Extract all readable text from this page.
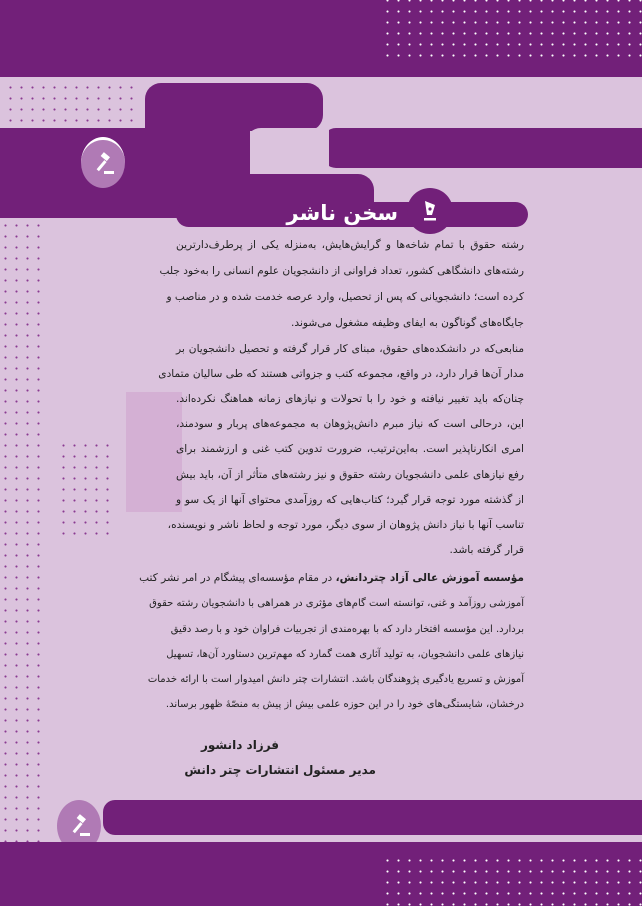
سخن ناشر
رشته حقوق با تمام شاخه‌ها و گرایش‌هایش، به‌منزله یکی از پرطرف‌دارترین
رشته‌های دانشگاهی کشور، تعداد فراوانی از دانشجویان علوم انسانی را به‌خود جلب
کرده است؛ دانشجویانی که پس از تحصیل، وارد عرصه خدمت شده و در مناصب و
جایگاه‌های گوناگون به ایفای وظیفه مشغول می‌شوند.
منابعی‌که در دانشکده‌های حقوق، مبنای کار قرار گرفته و تحصیل دانشجویان بر
مدار آن‌ها قرار دارد، در واقع، مجموعه کتب و جزواتی هستند که طی سالیان متمادی
چنان‌که باید تغییر نیافته و خود را با تحولات و نیازهای زمانه هماهنگ نکرده‌اند.
این، درحالی است که نیاز مبرم دانش‌پژوهان به مجموعه‌های پربار و سودمند،
امری انکارناپذیر است. به‌این‌ترتیب، ضرورت تدوین کتب غنی و ارزشمند برای
رفع نیازهای علمی دانشجویان رشته حقوق و نیز رشته‌های متأثر از آن، باید بیش
از گذشته مورد توجه قرار گیرد؛ کتاب‌هایی که روزآمدی محتوای آنها از یک سو و
تناسب آنها با نیاز دانش پژوهان از سوی دیگر، مورد توجه و لحاظ ناشر و نویسنده،
قرار گرفته باشد.
مؤسسه آموزش عالی آزاد چتردانش، در مقام مؤسسه‌ای پیشگام در امر نشر کتب
آموزشی روزآمد و غنی، توانسته است گام‌های مؤثری در همراهی با دانشجویان رشته حقوق
بردارد. این مؤسسه افتخار دارد که با بهره‌مندی از تجربیات فراوان خود و با رصد دقیق
نیازهای علمی دانشجویان، به تولید آثاری همت گمارد که مهم‌ترین دستاورد آن‌ها، تسهیل
آموزش و تسریع یادگیری پژوهندگان باشد. انتشارات چتر دانش امیدوار است با ارائه خدمات
درخشان، شایستگی‌های خود را در این حوزه علمی بیش از پیش به منصّهٔ ظهور برساند.
فرزاد دانشور
مدیر مسئول انتشارات چتر دانش
